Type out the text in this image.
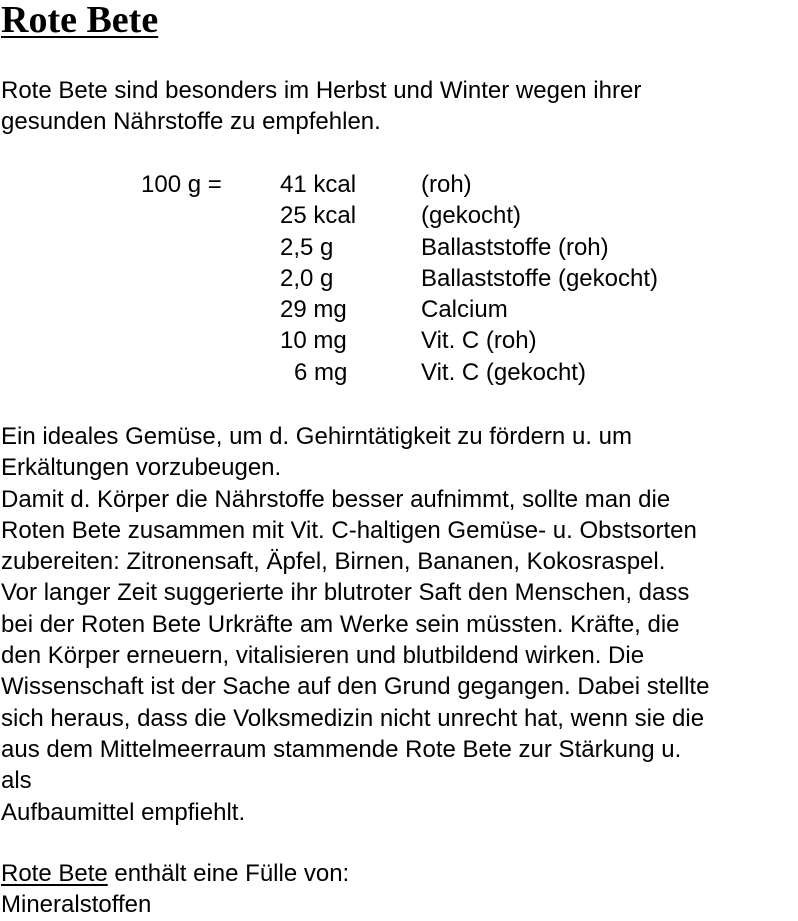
Rote Bete

Rote Bete sind besonders im Herbst und Winter wegen ihrer
gesunden Nährstoffe zu empfehlen.

100 g = 41 kcal	(roh)
25 kcal	(gekocht)
2,5 g	Ballaststoffe (roh)
2,0 g	Ballaststoffe (gekocht)
29 mg	Calcium
10 mg	Vit. C (roh)
6 mg	Vit. C (gekocht)

Ein ideales Gemüse, um d. Gehirntätigkeit zu fördern u. um
Erkältungen vorzubeugen.
Damit d. Körper die Nährstoffe besser aufnimmt, sollte man die
Roten Bete zusammen mit Vit. C-haltigen Gemüse- u. Obstsorten
zubereiten: Zitronensaft, Äpfel, Birnen, Bananen, Kokosraspel.
Vor langer Zeit suggerierte ihr blutroter Saft den Menschen, dass
bei der Roten Bete Urkräfte am Werke sein müssten. Kräfte, die
den Körper erneuern, vitalisieren und blutbildend wirken. Die
Wissenschaft ist der Sache auf den Grund gegangen. Dabei stellte
sich heraus, dass die Volksmedizin nicht unrecht hat, wenn sie die
aus dem Mittelmeerraum stammende Rote Bete zur Stärkung u.
als
Aufbaumittel empfiehlt.

Rote Bete enthält eine Fülle von:
Mineralstoffen
